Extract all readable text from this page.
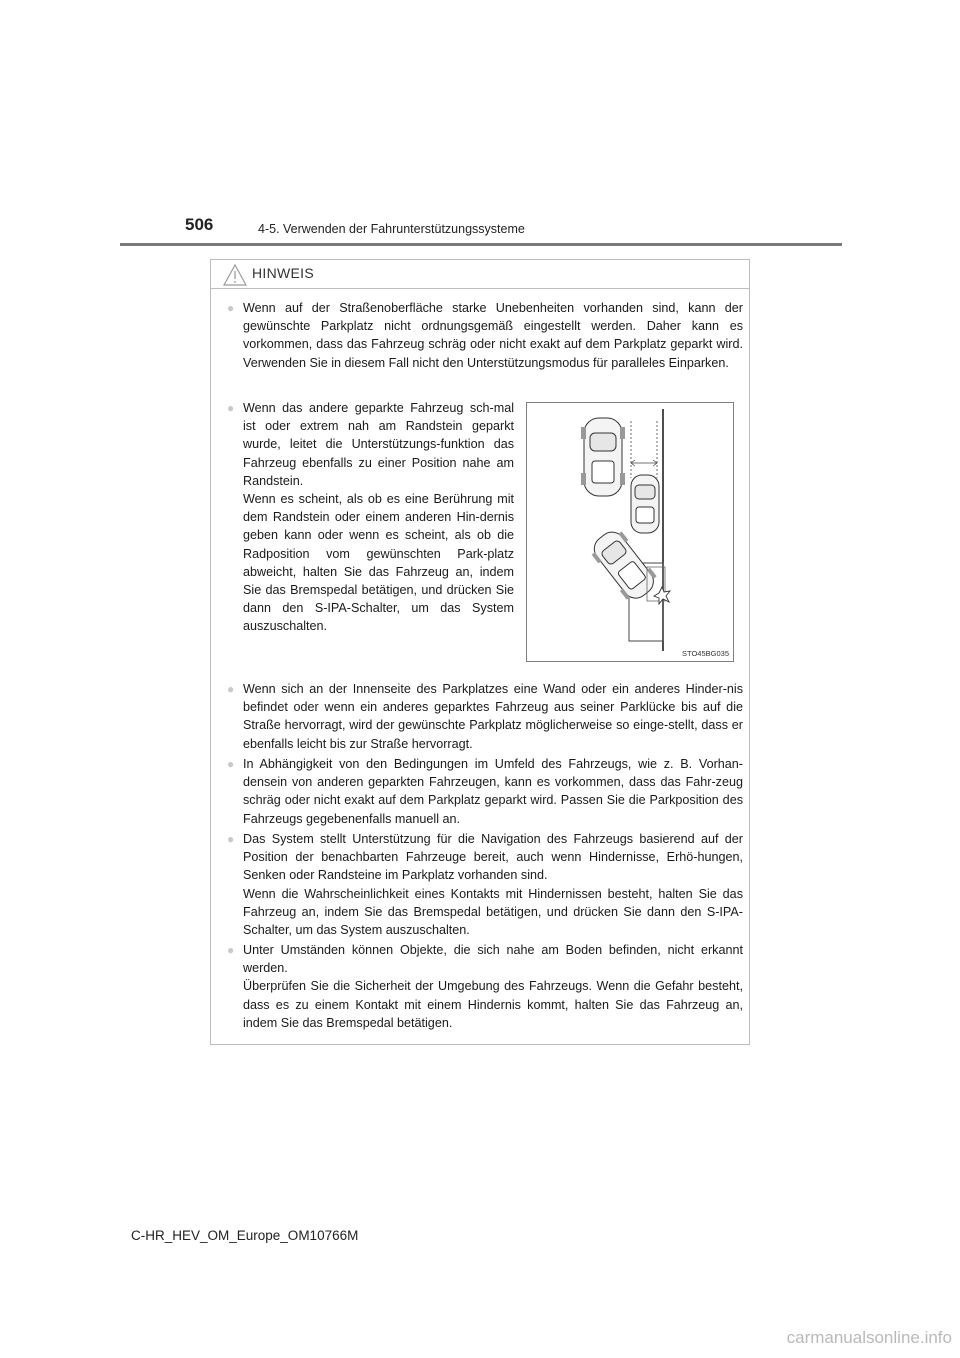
506	4-5. Verwenden der Fahrunterstützungssysteme
HINWEIS
● Wenn auf der Straßenoberfläche starke Unebenheiten vorhanden sind, kann der gewünschte Parkplatz nicht ordnungsgemäß eingestellt werden. Daher kann es vorkommen, dass das Fahrzeug schräg oder nicht exakt auf dem Parkplatz geparkt wird. Verwenden Sie in diesem Fall nicht den Unterstützungsmodus für paralleles Einparken.

● Wenn das andere geparkte Fahrzeug sch-mal ist oder extrem nah am Randstein geparkt wurde, leitet die Unterstützungs-funktion das Fahrzeug ebenfalls zu einer Position nahe am Randstein.

Wenn es scheint, als ob es eine Berührung mit dem Randstein oder einem anderen Hin-dernis geben kann oder wenn es scheint, als ob die Radposition vom gewünschten Park-platz abweicht, halten Sie das Fahrzeug an, indem Sie das Bremspedal betätigen, und drücken Sie dann den S-IPA-Schalter, um das System auszuschalten.

STO45BG035
● Wenn sich an der Innenseite des Parkplatzes eine Wand oder ein anderes Hinder-nis befindet oder wenn ein anderes geparktes Fahrzeug aus seiner Parklücke bis auf die Straße hervorragt, wird der gewünschte Parkplatz möglicherweise so einge-stellt, dass er ebenfalls leicht bis zur Straße hervorragt.

● In Abhängigkeit von den Bedingungen im Umfeld des Fahrzeugs, wie z. B. Vorhan-densein von anderen geparkten Fahrzeugen, kann es vorkommen, dass das Fahr-zeug schräg oder nicht exakt auf dem Parkplatz geparkt wird. Passen Sie die Parkposition des Fahrzeugs gegebenenfalls manuell an.

● Das System stellt Unterstützung für die Navigation des Fahrzeugs basierend auf der Position der benachbarten Fahrzeuge bereit, auch wenn Hindernisse, Erhö-hungen, Senken oder Randsteine im Parkplatz vorhanden sind.

Wenn die Wahrscheinlichkeit eines Kontakts mit Hindernissen besteht, halten Sie das Fahrzeug an, indem Sie das Bremspedal betätigen, und drücken Sie dann den S-IPA-Schalter, um das System auszuschalten.

● Unter Umständen können Objekte, die sich nahe am Boden befinden, nicht erkannt werden.

Überprüfen Sie die Sicherheit der Umgebung des Fahrzeugs. Wenn die Gefahr besteht, dass es zu einem Kontakt mit einem Hindernis kommt, halten Sie das Fahrzeug an, indem Sie das Bremspedal betätigen.

C-HR_HEV_OM_Europe_OM10766M
carmanualsonline.info
